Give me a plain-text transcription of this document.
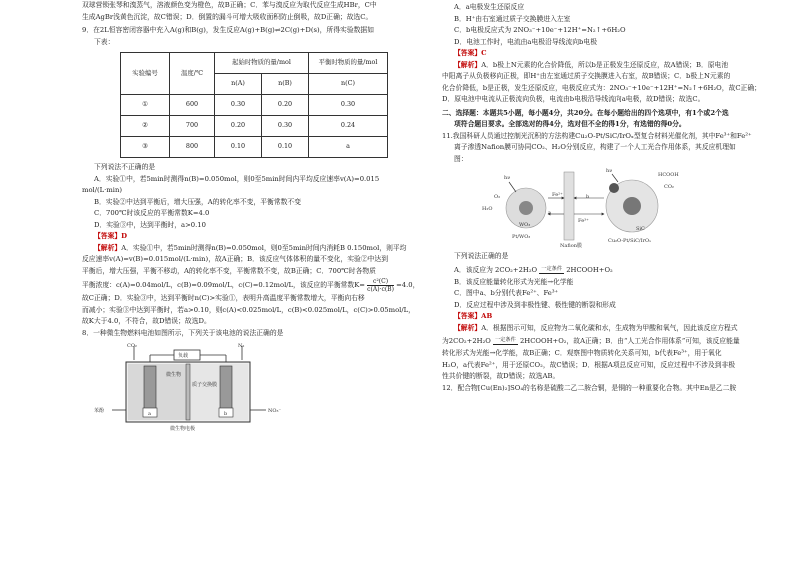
双球营锁张琴和溴蒸气，溶液颜色变为橙色，故B正确；C．苯与溴反应为取代反应生成HBr，C中

生成AgBr浅黄色沉淀，故C错误；D．倒置的漏斗可增大吸收面积防止倒吸，故D正确；故选C。

9．在2L恒容密闭容器中充入A(g)和B(g)，发生反应A(g)+B(g)⇌2C(g)+D(s)，所得实验数据如

下表：

实验编号	温度/℃	起始时物质的量/mol		平衡时物质的量/mol
		n(A)	n(B)	n(C)
①	600	0.30	0.20	0.30
②	700	0.20	0.30	0.24
③	800	0.10	0.10	a

下列说法不正确的是

A．实验①中，若5min时测得n(B)=0.050mol，则0至5min时间内平均反应速率v(A)=0.015

mol/(L·min)

B．实验②中达到平衡后，增大压强，A的转化率不变，平衡常数不变

C．700℃时该反应的平衡常数K=4.0

D．实验③中，达到平衡时，a>0.10

【答案】D

【解析】A．实验①中，若5min时测得n(B)=0.050mol，则0至5min时间内消耗B 0.150mol，则平均

反应速率v(A)=v(B)=0.015mol/(L·min)，故A正确；B．该反应气体体积的量不变化，实验②中达到

平衡后，增大压强，平衡不移动，A的转化率不变，平衡常数不变，故B正确；C．700℃时各物质

平衡浓度：c(A)=0.04mol/L，c(B)=0.09mol/L，c(C)=0.12mol/L，该反应的平衡常数$K= \frac{\text{c²(C)}}{c(A)\cdot c(B)} =4.0$，

故C正确；D．实验③中，达到平衡时n(C)>实验①，表明升高温度平衡常数增大，平衡向右移

而减小；实验③中达到平衡时，若a>0.10，则c(A)<0.025mol/L，c(B)<0.025mol/L，c(C)>0.05mol/L，

故K大于4.0，不符合，故D错误；故选D。

8．一种微生物燃料电池如图所示，下列关于该电池的说法正确的是

CO₂	N₂
负载
微生物
质子交换膜
苯酚	NO₃⁻
a	b
微生物电极

A．a电极发生还原反应

B．H⁺由右室通过质子交换膜进入左室

C．b电极反应式为 2NO₃⁻+10e⁻+12H⁺=N₂↑+6H₂O

D．电池工作时，电流由a电极沿导线流向b电极

【答案】C

【解析】A．b极上N元素的化合价降低，所以b是正极发生还原反应，故A错误；B．原电池

中阳离子从负极移向正极，即H⁺由左室通过质子交换膜进入右室，故B错误；C．b极上N元素的

化合价降低，b是正极，发生还原反应，电极反应式为：2NO₃⁻+10e⁻+12H⁺=N₂↑+6H₂O，故C正确；

D．原电池中电流从正极流向负极，电流由b电极沿导线流向a电极，故D错误；故选C。

二、选择题：本题共5小题，每小题4分，共20分。在每小题给出的四个选项中，有1个或2个选

项符合题目要求。全部选对的得4分，选对但不全的得1分，有选错的得0分。

11.我国科研人员通过控制光沉积的方法构建Cu₂O-Pt/SiC/IrOₓ型复合材料光催化剂，其中Fe³⁺和Fe²⁺

离子渗透Nafion膜可协同CO₂、H₂O分别反应，构建了一个人工光合作用体系，其反应机理如

图：

hν
hν
H₂O
O₂
WO₃
Pt/WO₃
Nafion膜
Fe²⁺
Fe³⁺
a
b
HCOOH
CO₂
SiC
Cu₂O-Pt/SiC/IrOₓ

下列说法正确的是

A．该反应为 2CO₂+2H₂O 一定条件 2HCOOH+O₂

B．该反应能量转化形式为光能→化学能

C．图中a、b分别代表Fe²⁺、Fe³⁺

D．反应过程中涉及到非极性键、极性键的断裂和形成

【答案】AB

【解析】A．根据图示可知，反应物为二氧化碳和水，生成物为甲酸和氧气，因此该反应方程式

为2CO₂+2H₂O 一定条件 2HCOOH+O₂，故A正确；B．由“人工光合作用体系”可知，该反应能量

转化形式为光能→化学能，故B正确；C．观察图中物质转化关系可知，b代表Fe³⁺，用于氧化

H₂O，a代表Fe²⁺，用于还原CO₂，故C错误；D．根据A项总反应可知，反应过程中不涉及到非极

性共价键的断裂，故D错误；故选AB。

12．配合物[Cu(En)₂]SO₄的名称是硫酸二乙二胺合铜，是铜的一种重要化合物。其中En是乙二胺
